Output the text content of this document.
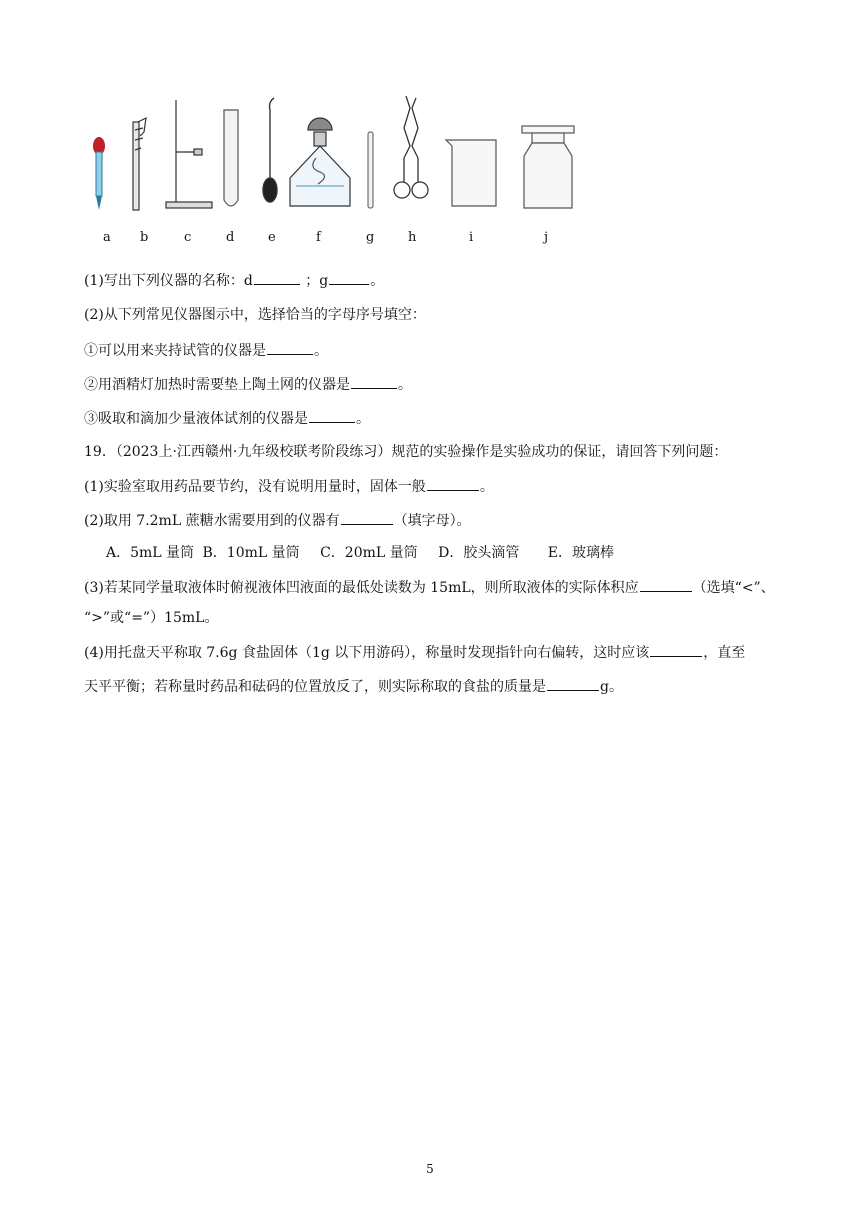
a b	c	d	e	f	g	h	i	j
(1)写出下列仪器的名称：d	；g	。
(2)从下列常见仪器图示中，选择恰当的字母序号填空：
①可以用来夹持试管的仪器是	。
②用酒精灯加热时需要垫上陶土网的仪器是	。
③吸取和滴加少量液体试剂的仪器是	。
19．（2023上·江西赣州·九年级校联考阶段练习）规范的实验操作是实验成功的保证，请回答下列问题：
(1)实验室取用药品要节约，没有说明用量时，固体一般	。
(2)取用 7.2mL 蔗糖水需要用到的仪器有	（填字母）。
A．5mL 量筒 B．10mL 量筒 C．20mL 量筒 D．胶头滴管 E．玻璃棒
(3)若某同学量取液体时俯视液体凹液面的最低处读数为 15mL，则所取液体的实际体积应	（选填“<”、
“>”或“=”）15mL。
(4)用托盘天平称取 7.6g 食盐固体（1g 以下用游码），称量时发现指针向右偏转，这时应该	，直至
天平平衡；若称量时药品和砝码的位置放反了，则实际称取的食盐的质量是	g。
5
